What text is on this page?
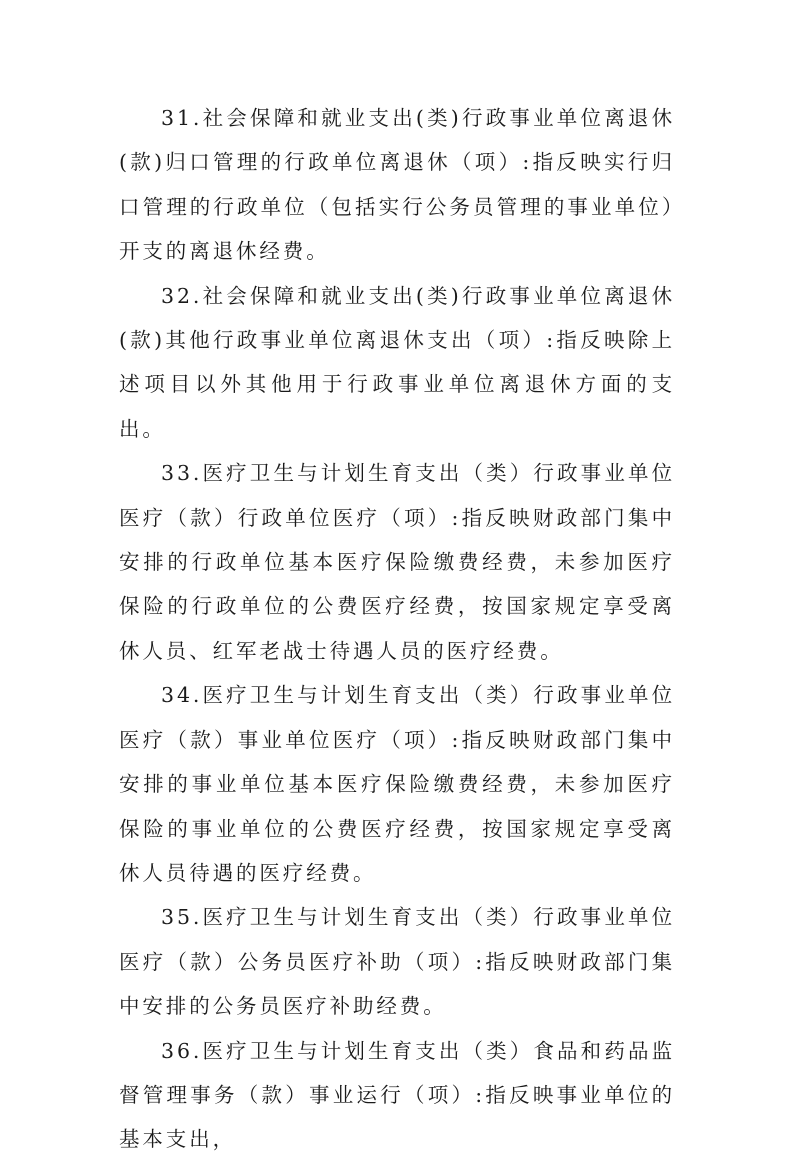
31.社会保障和就业支出(类)行政事业单位离退休(款)归口管理的行政单位离退休（项）:指反映实行归口管理的行政单位（包括实行公务员管理的事业单位）开支的离退休经费。

32.社会保障和就业支出(类)行政事业单位离退休(款)其他行政事业单位离退休支出（项）:指反映除上述项目以外其他用于行政事业单位离退休方面的支出。

33.医疗卫生与计划生育支出（类）行政事业单位医疗（款）行政单位医疗（项）:指反映财政部门集中安排的行政单位基本医疗保险缴费经费，未参加医疗保险的行政单位的公费医疗经费，按国家规定享受离休人员、红军老战士待遇人员的医疗经费。

34.医疗卫生与计划生育支出（类）行政事业单位医疗（款）事业单位医疗（项）:指反映财政部门集中安排的事业单位基本医疗保险缴费经费，未参加医疗保险的事业单位的公费医疗经费，按国家规定享受离休人员待遇的医疗经费。

35.医疗卫生与计划生育支出（类）行政事业单位医疗（款）公务员医疗补助（项）:指反映财政部门集中安排的公务员医疗补助经费。

36.医疗卫生与计划生育支出（类）食品和药品监督管理事务（款）事业运行（项）:指反映事业单位的基本支出，
